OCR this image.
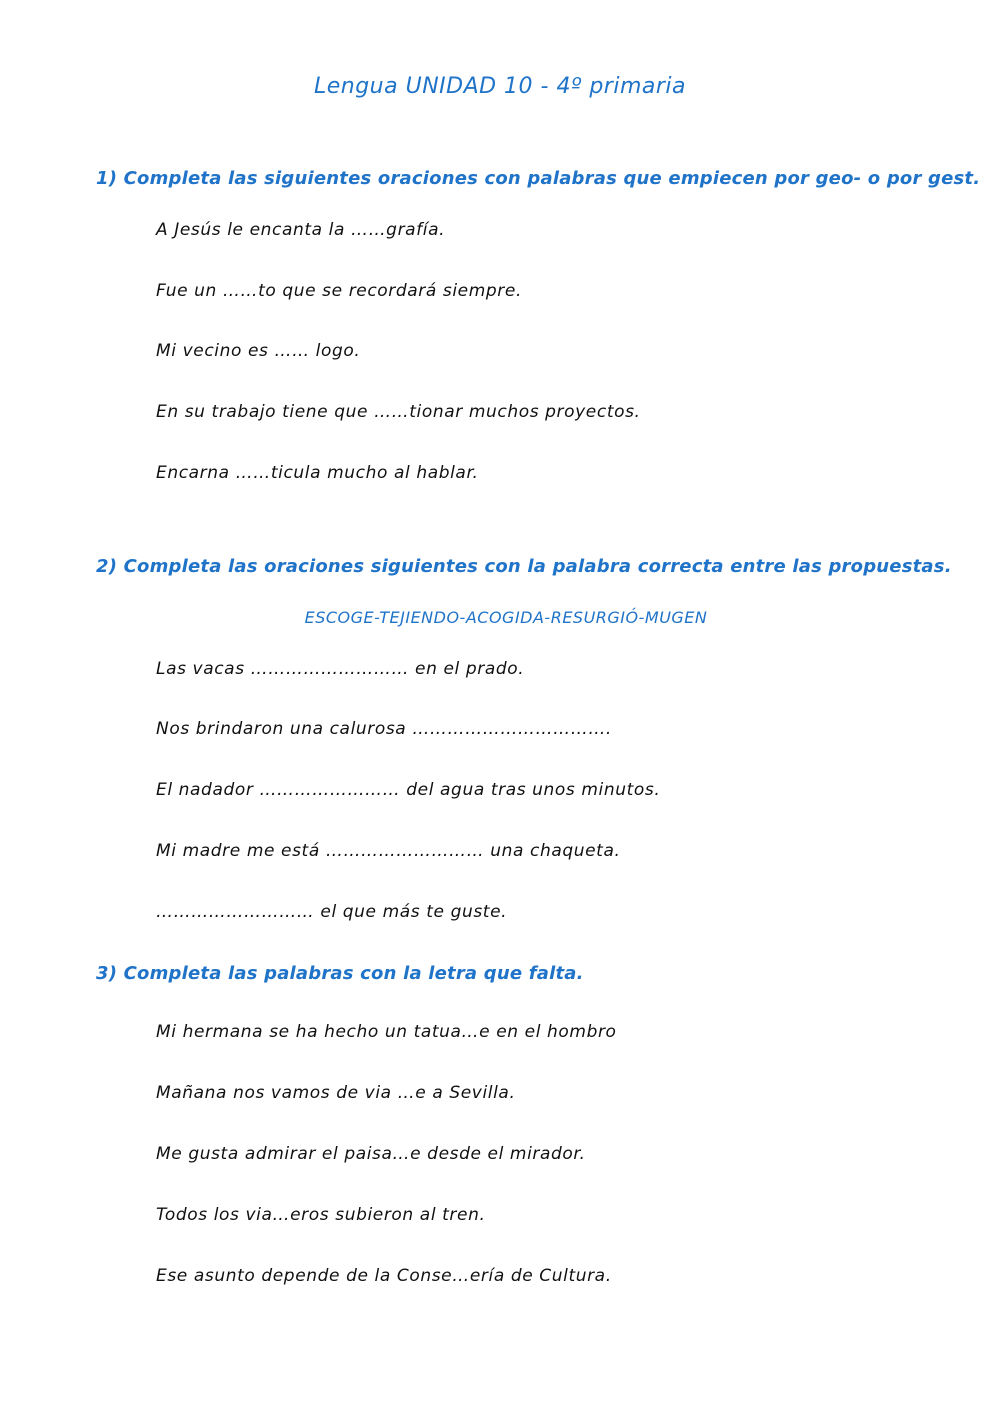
Lengua UNIDAD 10 - 4º primaria
1) Completa las siguientes oraciones con palabras que empiecen por geo- o por gest.
A Jesús le encanta la ……grafía.
Fue un ……to que se recordará siempre.
Mi vecino es …… logo.
En su trabajo tiene que ……tionar muchos proyectos.
Encarna ……ticula mucho al hablar.
2) Completa las oraciones siguientes con la palabra correcta entre las propuestas.
ESCOGE-TEJIENDO-ACOGIDA-RESURGIÓ-MUGEN
Las vacas ……………………… en el prado.
Nos brindaron una calurosa …………………………….
El nadador …………………… del agua tras unos minutos.
Mi madre me está ……………………… una chaqueta.
……………………… el que más te guste.
3) Completa las palabras con la letra que falta.
Mi hermana se ha hecho un tatua…e en el hombro
Mañana nos vamos de via …e a Sevilla.
Me gusta admirar el paisa…e desde el mirador.
Todos los via…eros subieron al tren.
Ese asunto depende de la Conse…ería de Cultura.
